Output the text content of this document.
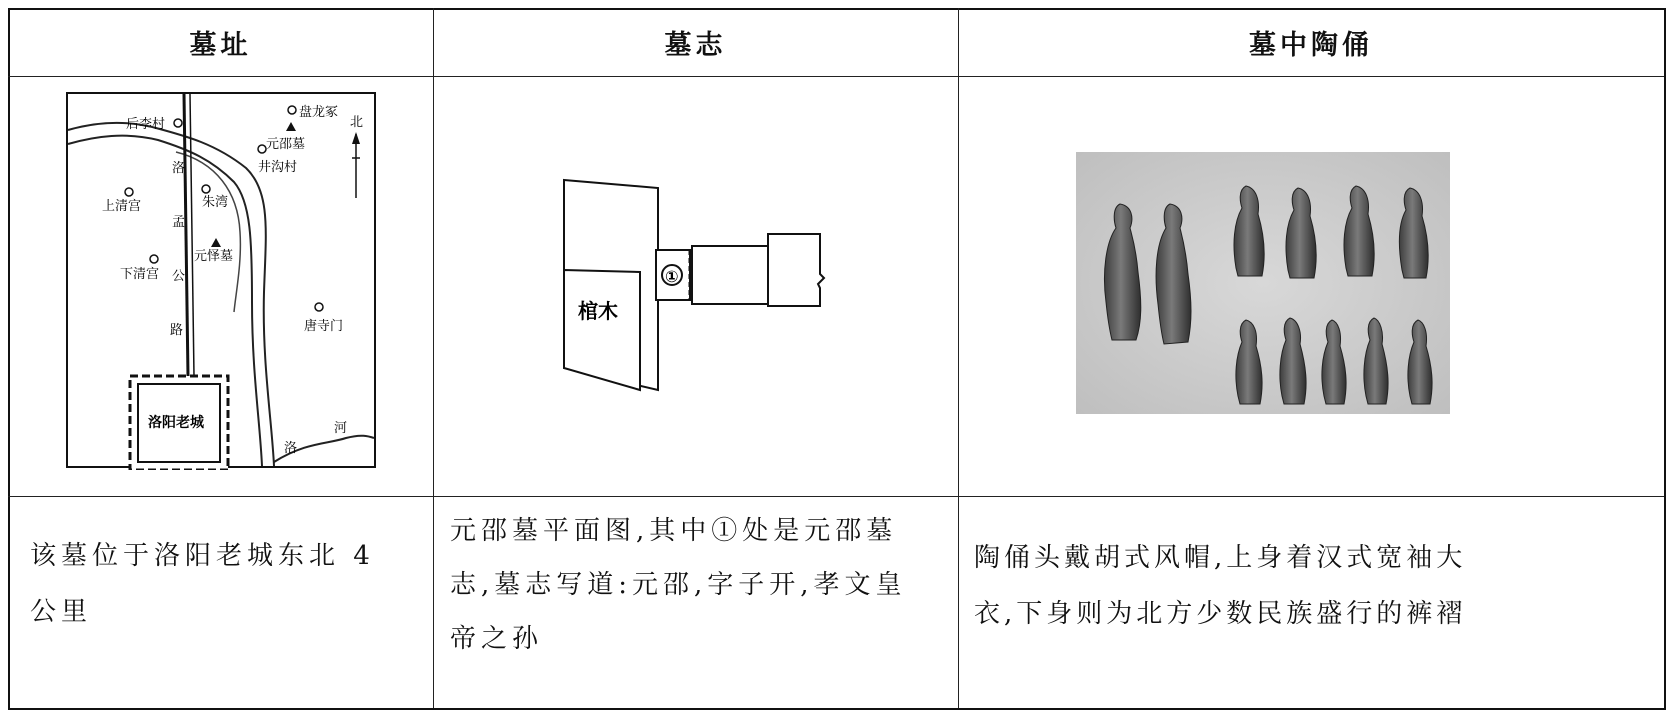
墓址	墓志	墓中陶俑
盘龙冢
后李村
元邵墓
北
井沟村
洛
朱湾
上清宫
孟
元怿墓
下清宫 公
唐寺门
路
洛阳老城
洛
河
①
棺木
该墓位于洛阳老城东北 4
公里
元邵墓平面图,其中①处是元邵墓
志,墓志写道:元邵,字子开,孝文皇
帝之孙
陶俑头戴胡式风帽,上身着汉式宽袖大
衣,下身则为北方少数民族盛行的裤褶
